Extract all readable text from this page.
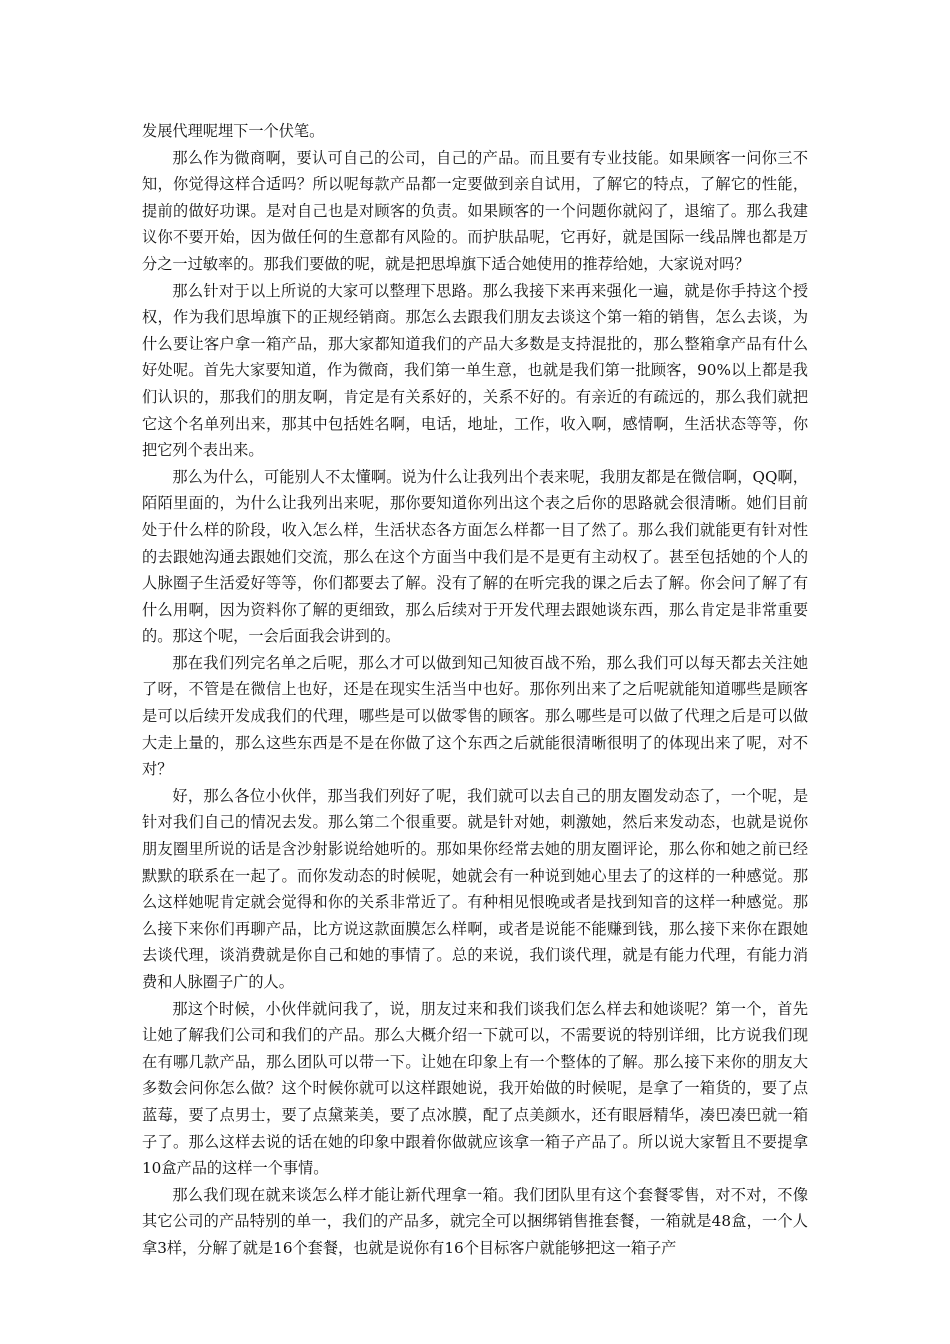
发展代理呢埋下一个伏笔。

那么作为微商啊，要认可自己的公司，自己的产品。而且要有专业技能。如果顾客一问你三不知，你觉得这样合适吗？所以呢每款产品都一定要做到亲自试用，了解它的特点，了解它的性能，提前的做好功课。是对自己也是对顾客的负责。如果顾客的一个问题你就闷了，退缩了。那么我建议你不要开始，因为做任何的生意都有风险的。而护肤品呢，它再好，就是国际一线品牌也都是万分之一过敏率的。那我们要做的呢，就是把思埠旗下适合她使用的推荐给她，大家说对吗？

那么针对于以上所说的大家可以整理下思路。那么我接下来再来强化一遍，就是你手持这个授权，作为我们思埠旗下的正规经销商。那怎么去跟我们朋友去谈这个第一箱的销售，怎么去谈，为什么要让客户拿一箱产品，那大家都知道我们的产品大多数是支持混批的，那么整箱拿产品有什么好处呢。首先大家要知道，作为微商，我们第一单生意，也就是我们第一批顾客，90%以上都是我们认识的，那我们的朋友啊，肯定是有关系好的，关系不好的。有亲近的有疏远的，那么我们就把它这个名单列出来，那其中包括姓名啊，电话，地址，工作，收入啊，感情啊，生活状态等等，你把它列个表出来。

那么为什么，可能别人不太懂啊。说为什么让我列出个表来呢，我朋友都是在微信啊，QQ啊，陌陌里面的，为什么让我列出来呢，那你要知道你列出这个表之后你的思路就会很清晰。她们目前处于什么样的阶段，收入怎么样，生活状态各方面怎么样都一目了然了。那么我们就能更有针对性的去跟她沟通去跟她们交流，那么在这个方面当中我们是不是更有主动权了。甚至包括她的个人的人脉圈子生活爱好等等，你们都要去了解。没有了解的在听完我的课之后去了解。你会问了解了有什么用啊，因为资料你了解的更细致，那么后续对于开发代理去跟她谈东西，那么肯定是非常重要的。那这个呢，一会后面我会讲到的。

那在我们列完名单之后呢，那么才可以做到知己知彼百战不殆，那么我们可以每天都去关注她了呀，不管是在微信上也好，还是在现实生活当中也好。那你列出来了之后呢就能知道哪些是顾客是可以后续开发成我们的代理，哪些是可以做零售的顾客。那么哪些是可以做了代理之后是可以做大走上量的，那么这些东西是不是在你做了这个东西之后就能很清晰很明了的体现出来了呢，对不对？

好，那么各位小伙伴，那当我们列好了呢，我们就可以去自己的朋友圈发动态了，一个呢，是针对我们自己的情况去发。那么第二个很重要。就是针对她，刺激她，然后来发动态，也就是说你朋友圈里所说的话是含沙射影说给她听的。那如果你经常去她的朋友圈评论，那么你和她之前已经默默的联系在一起了。而你发动态的时候呢，她就会有一种说到她心里去了的这样的一种感觉。那么这样她呢肯定就会觉得和你的关系非常近了。有种相见恨晚或者是找到知音的这样一种感觉。那么接下来你们再聊产品，比方说这款面膜怎么样啊，或者是说能不能赚到钱，那么接下来你在跟她去谈代理，谈消费就是你自己和她的事情了。总的来说，我们谈代理，就是有能力代理，有能力消费和人脉圈子广的人。

那这个时候，小伙伴就问我了，说，朋友过来和我们谈我们怎么样去和她谈呢？第一个，首先让她了解我们公司和我们的产品。那么大概介绍一下就可以，不需要说的特别详细，比方说我们现在有哪几款产品，那么团队可以带一下。让她在印象上有一个整体的了解。那么接下来你的朋友大多数会问你怎么做？这个时候你就可以这样跟她说，我开始做的时候呢，是拿了一箱货的，要了点蓝莓，要了点男士，要了点黛莱美，要了点冰膜，配了点美颜水，还有眼唇精华，凑巴凑巴就一箱子了。那么这样去说的话在她的印象中跟着你做就应该拿一箱子产品了。所以说大家暂且不要提拿10盒产品的这样一个事情。

那么我们现在就来谈怎么样才能让新代理拿一箱。我们团队里有这个套餐零售，对不对，不像其它公司的产品特别的单一，我们的产品多，就完全可以捆绑销售推套餐，一箱就是48盒，一个人拿3样，分解了就是16个套餐，也就是说你有16个目标客户就能够把这一箱子产
